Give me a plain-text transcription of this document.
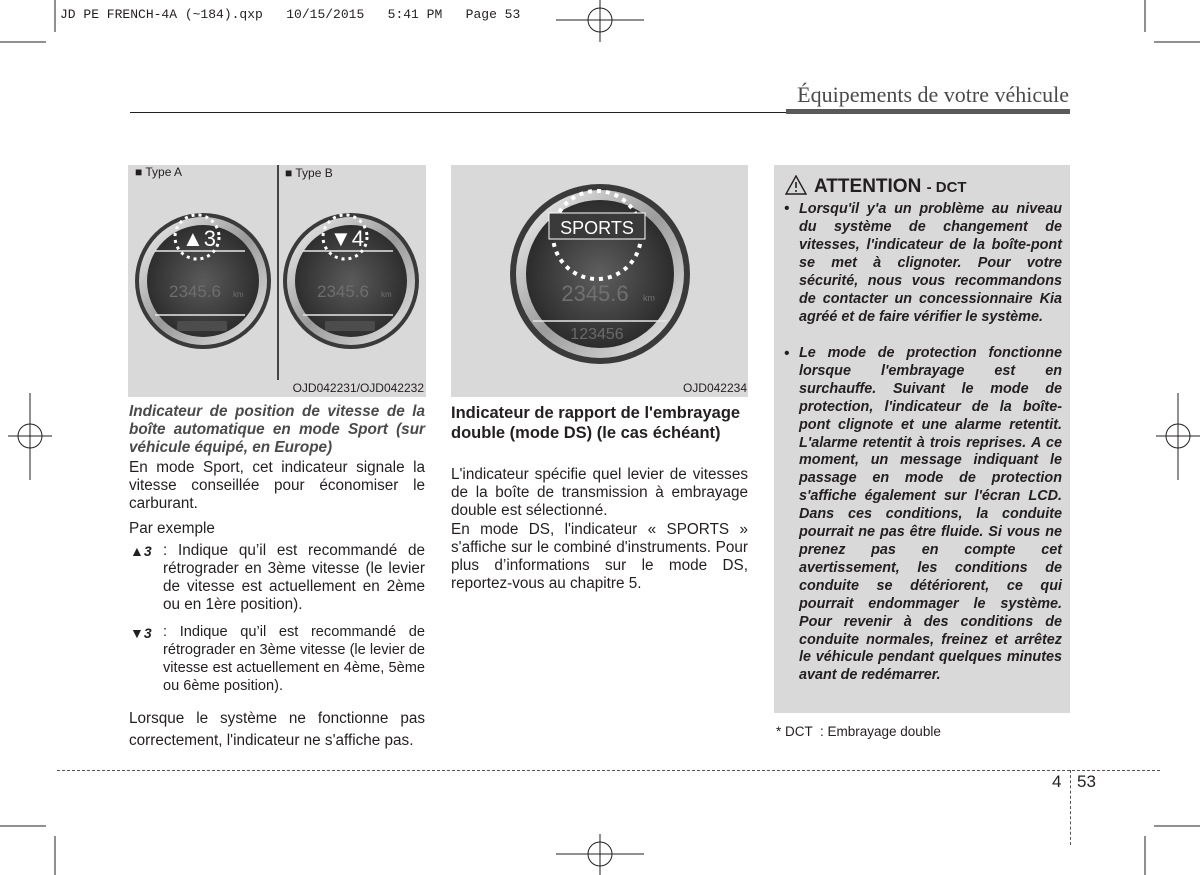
JD PE FRENCH-4A (~184).qxp   10/15/2015   5:41 PM   Page 53
Équipements de votre véhicule
■ Type A	■ Type B
▲3
2345.6 km
▼4
2345.6 km
OJD042231/OJD042232
SPORTS
2345.6 km
123456
OJD042234
Indicateur de position de vitesse de la boîte automatique en mode Sport (sur véhicule équipé, en Europe)
En mode Sport, cet indicateur signale la vitesse conseillée pour économiser le carburant.
Par exemple
▲3 : Indique qu’il est recommandé de rétrograder en 3ème vitesse (le levier de vitesse est actuellement en 2ème ou en 1ère position).
▼3 : Indique qu’il est recommandé de rétrograder en 3ème vitesse (le levier de vitesse est actuellement en 4ème, 5ème ou 6ème position).
Lorsque le système ne fonctionne pas correctement, l'indicateur ne s'affiche pas.
Indicateur de rapport de l'embrayage double (mode DS) (le cas échéant)
L'indicateur spécifie quel levier de vitesses de la boîte de transmission à embrayage double est sélectionné.
En mode DS, l'indicateur « SPORTS » s'affiche sur le combiné d'instruments. Pour plus d’informations sur le mode DS, reportez-vous au chapitre 5.
ATTENTION - DCT
• Lorsqu'il y'a un problème au niveau du système de changement de vitesses, l'indicateur de la boîte-pont se met à clignoter. Pour votre sécurité, nous vous recommandons de contacter un concessionnaire Kia agréé et de faire vérifier le système.
• Le mode de protection fonctionne lorsque l'embrayage est en surchauffe. Suivant le mode de protection, l'indicateur de la boîte-pont clignote et une alarme retentit. L'alarme retentit à trois reprises. A ce moment, un message indiquant le passage en mode de protection s'affiche également sur l'écran LCD. Dans ces conditions, la conduite pourrait ne pas être fluide. Si vous ne prenez pas en compte cet avertissement, les conditions de conduite se détériorent, ce qui pourrait endommager le système. Pour revenir à des conditions de conduite normales, freinez et arrêtez le véhicule pendant quelques minutes avant de redémarrer.
* DCT  : Embrayage double
4 53
